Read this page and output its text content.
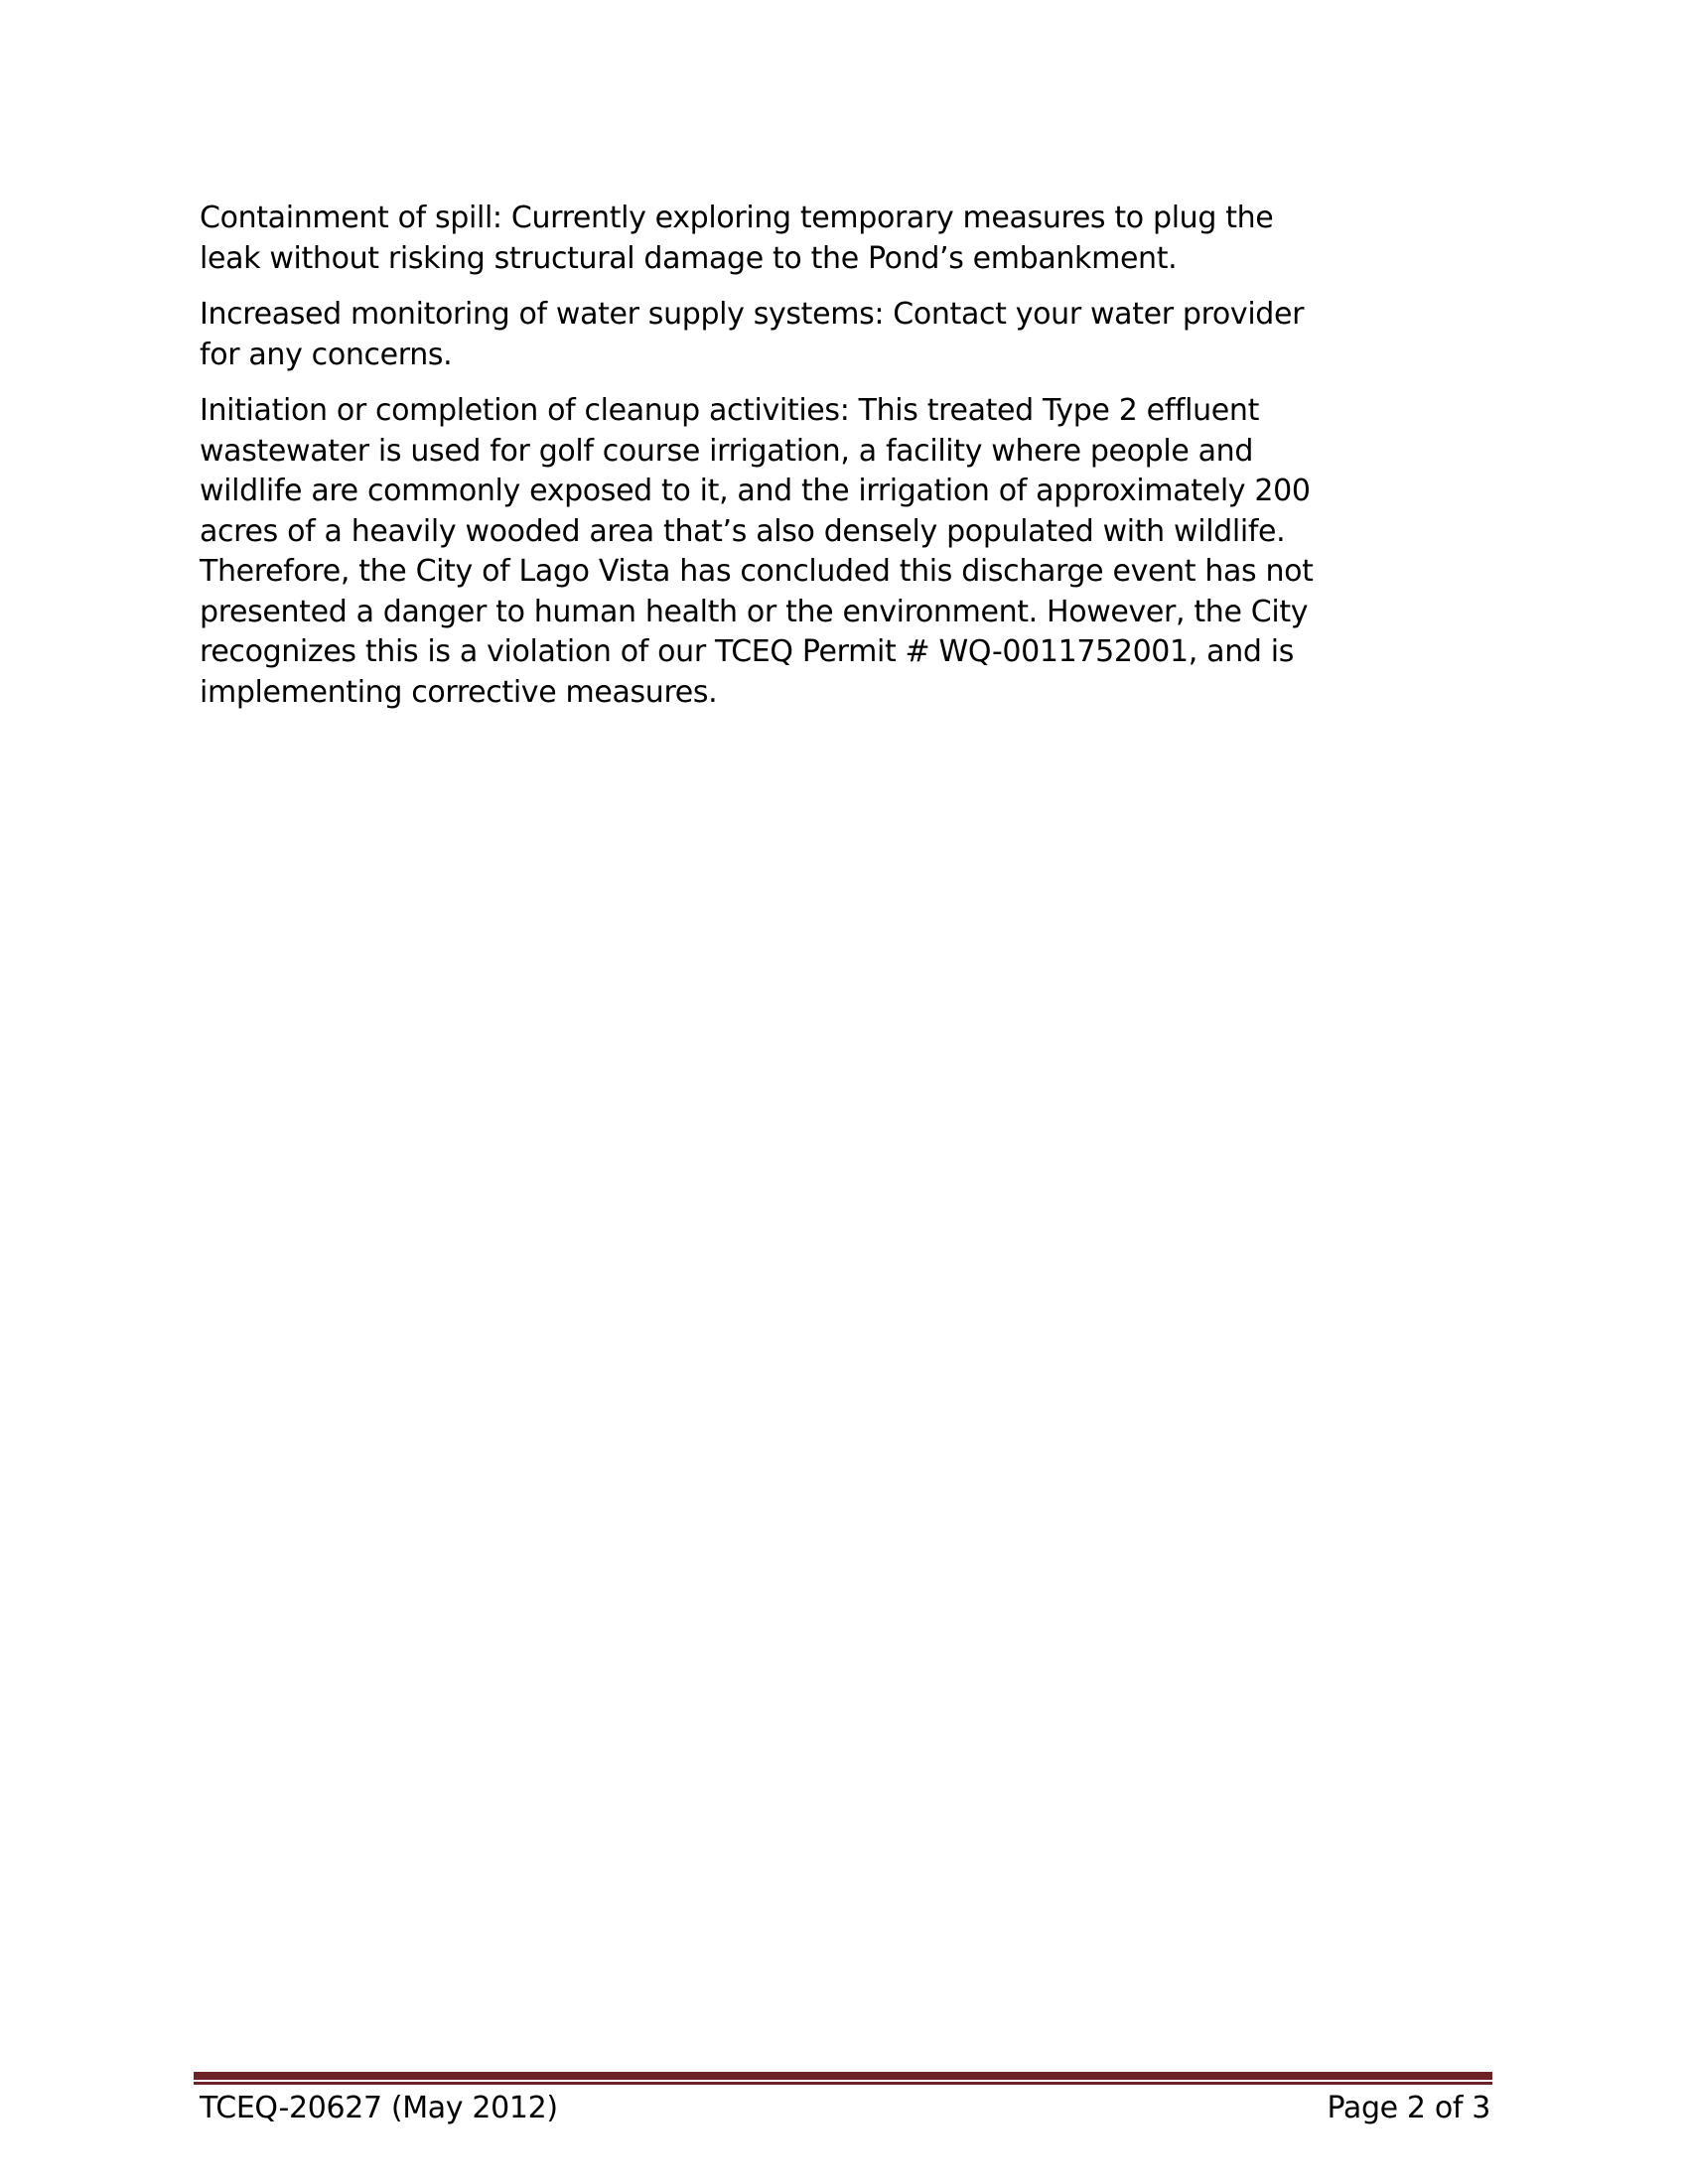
Containment of spill: Currently exploring temporary measures to plug the
leak without risking structural damage to the Pond’s embankment.

Increased monitoring of water supply systems: Contact your water provider
for any concerns.

Initiation or completion of cleanup activities: This treated Type 2 effluent
wastewater is used for golf course irrigation, a facility where people and
wildlife are commonly exposed to it, and the irrigation of approximately 200
acres of a heavily wooded area that’s also densely populated with wildlife.
Therefore, the City of Lago Vista has concluded this discharge event has not
presented a danger to human health or the environment. However, the City
recognizes this is a violation of our TCEQ Permit # WQ-0011752001, and is
implementing corrective measures.

TCEQ-20627 (May 2012)	Page 2 of 3
